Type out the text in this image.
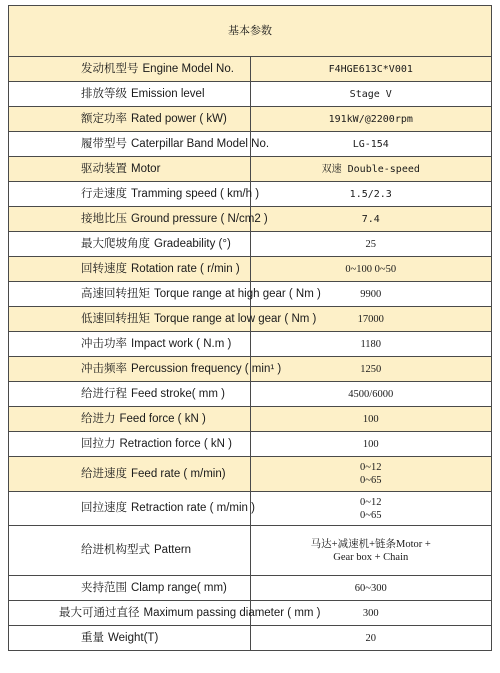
基本参数	
发动机型号 Engine Model No.	F4HGE613C*V001

排放等级 Emission level	Stage V

额定功率 Rated power ( kW)	191kW/@2200rpm

履带型号 Caterpillar Band Model No.	LG-154

驱动装置 Motor	双速 Double-speed

行走速度 Tramming speed ( km/h )	1.5/2.3

接地比压 Ground pressure ( N/cm2 )	7.4

最大爬坡角度 Gradeability (°)	25

回转速度 Rotation rate ( r/min )	0~100 0~50

高速回转扭矩 Torque range at high gear ( Nm )	9900

低速回转扭矩 Torque range at low gear ( Nm )	17000

冲击功率 Impact work ( N.m )	1180

冲击频率 Percussion frequency ( min¹ )	1250

给进行程 Feed stroke( mm )	4500/6000

给进力 Feed force ( kN )	100

回拉力 Retraction force ( kN )	100

给进速度 Feed rate ( m/min)	0~12
0~65

回拉速度 Retraction rate ( m/min )	0~12
0~65

给进机构型式 Pattern	马达+减速机+链条Motor +
Gear box + Chain

夹持范围 Clamp range( mm)	60~300

最大可通过直径 Maximum passing diameter ( mm )	300

重量 Weight(T)	20
